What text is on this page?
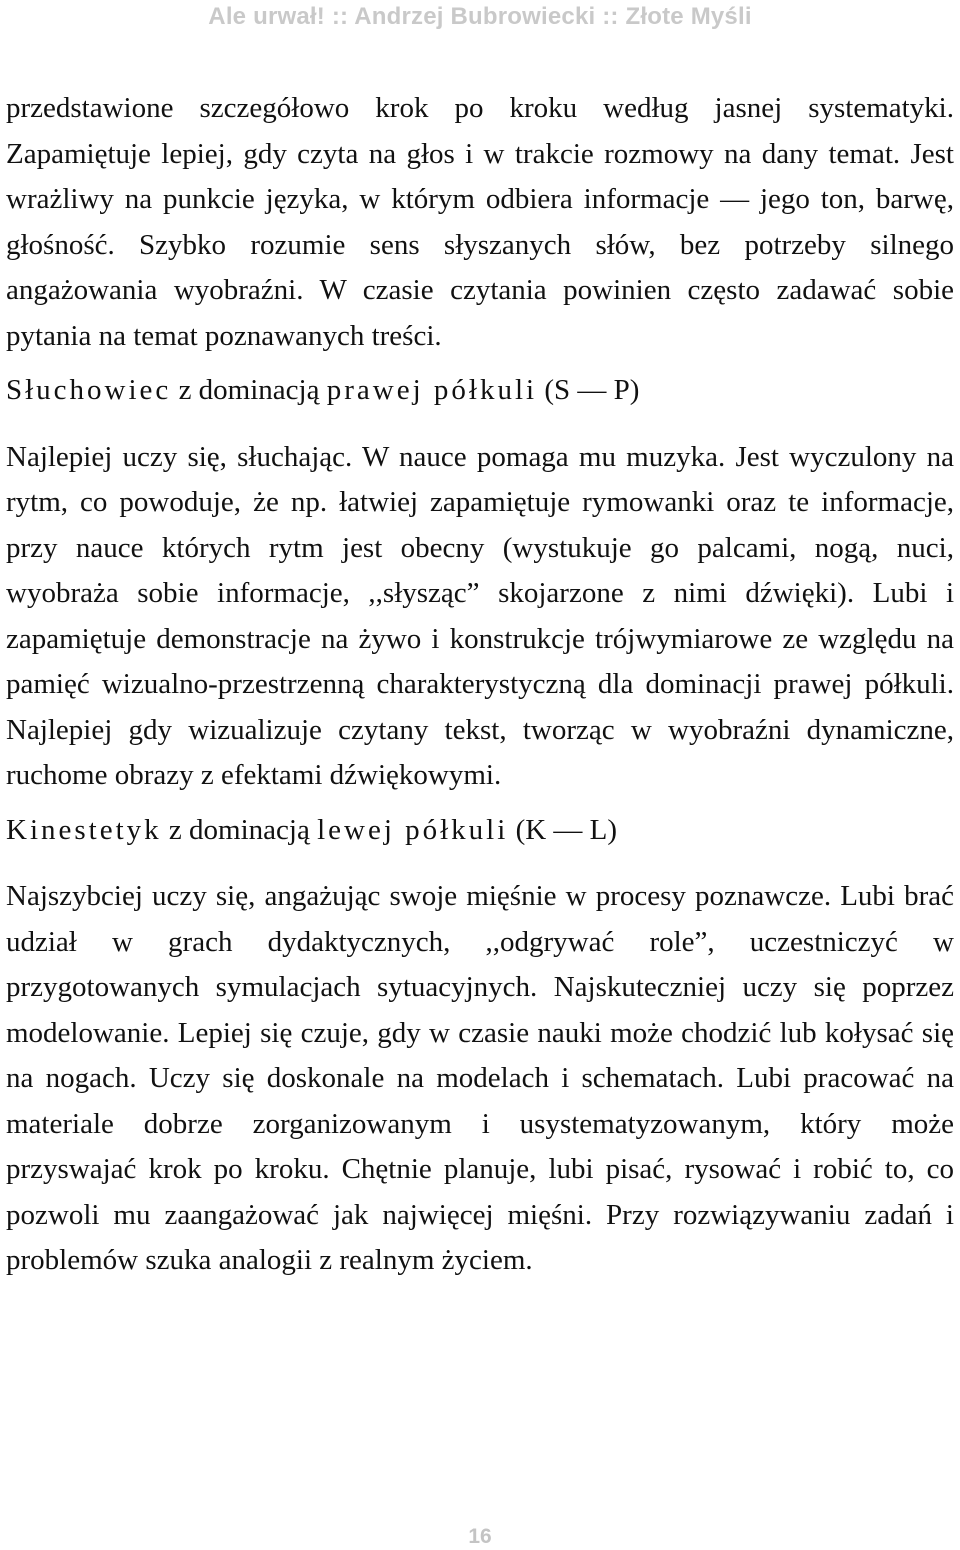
Ale urwał! :: Andrzej Bubrowiecki :: Złote Myśli

przedstawione szczegółowo krok po kroku według jasnej systematyki. Zapamiętuje lepiej, gdy czyta na głos i w trakcie rozmowy na dany temat. Jest wrażliwy na punkcie języka, w którym odbiera informacje — jego ton, barwę, głośność. Szybko rozumie sens słyszanych słów, bez potrzeby silnego angażowania wyobraźni. W czasie czytania powinien często zadawać sobie pytania na temat poznawanych treści.

Słuchowiec z dominacją prawej półkuli (S — P)

Najlepiej uczy się, słuchając. W nauce pomaga mu muzyka. Jest wyczulony na rytm, co powoduje, że np. łatwiej zapamiętuje rymowanki oraz te informacje, przy nauce których rytm jest obecny (wystukuje go palcami, nogą, nuci, wyobraża sobie informacje, ,,słysząc” skojarzone z nimi dźwięki). Lubi i zapamiętuje demonstracje na żywo i konstrukcje trójwymiarowe ze względu na pamięć wizualno-przestrzenną charakterystyczną dla dominacji prawej półkuli. Najlepiej gdy wizualizuje czytany tekst, tworząc w wyobraźni dynamiczne, ruchome obrazy z efektami dźwiękowymi.

Kinestetyk z dominacją lewej półkuli (K — L)

Najszybciej uczy się, angażując swoje mięśnie w procesy poznawcze. Lubi brać udział w grach dydaktycznych, ,,odgrywać role”, uczestniczyć w przygotowanych symulacjach sytuacyjnych. Najskuteczniej uczy się poprzez modelowanie. Lepiej się czuje, gdy w czasie nauki może chodzić lub kołysać się na nogach. Uczy się doskonale na modelach i schematach. Lubi pracować na materiale dobrze zorganizowanym i usystematyzowanym, który może przyswajać krok po kroku. Chętnie planuje, lubi pisać, rysować i robić to, co pozwoli mu zaangażować jak najwięcej mięśni. Przy rozwiązywaniu zadań i problemów szuka analogii z realnym życiem.

16
